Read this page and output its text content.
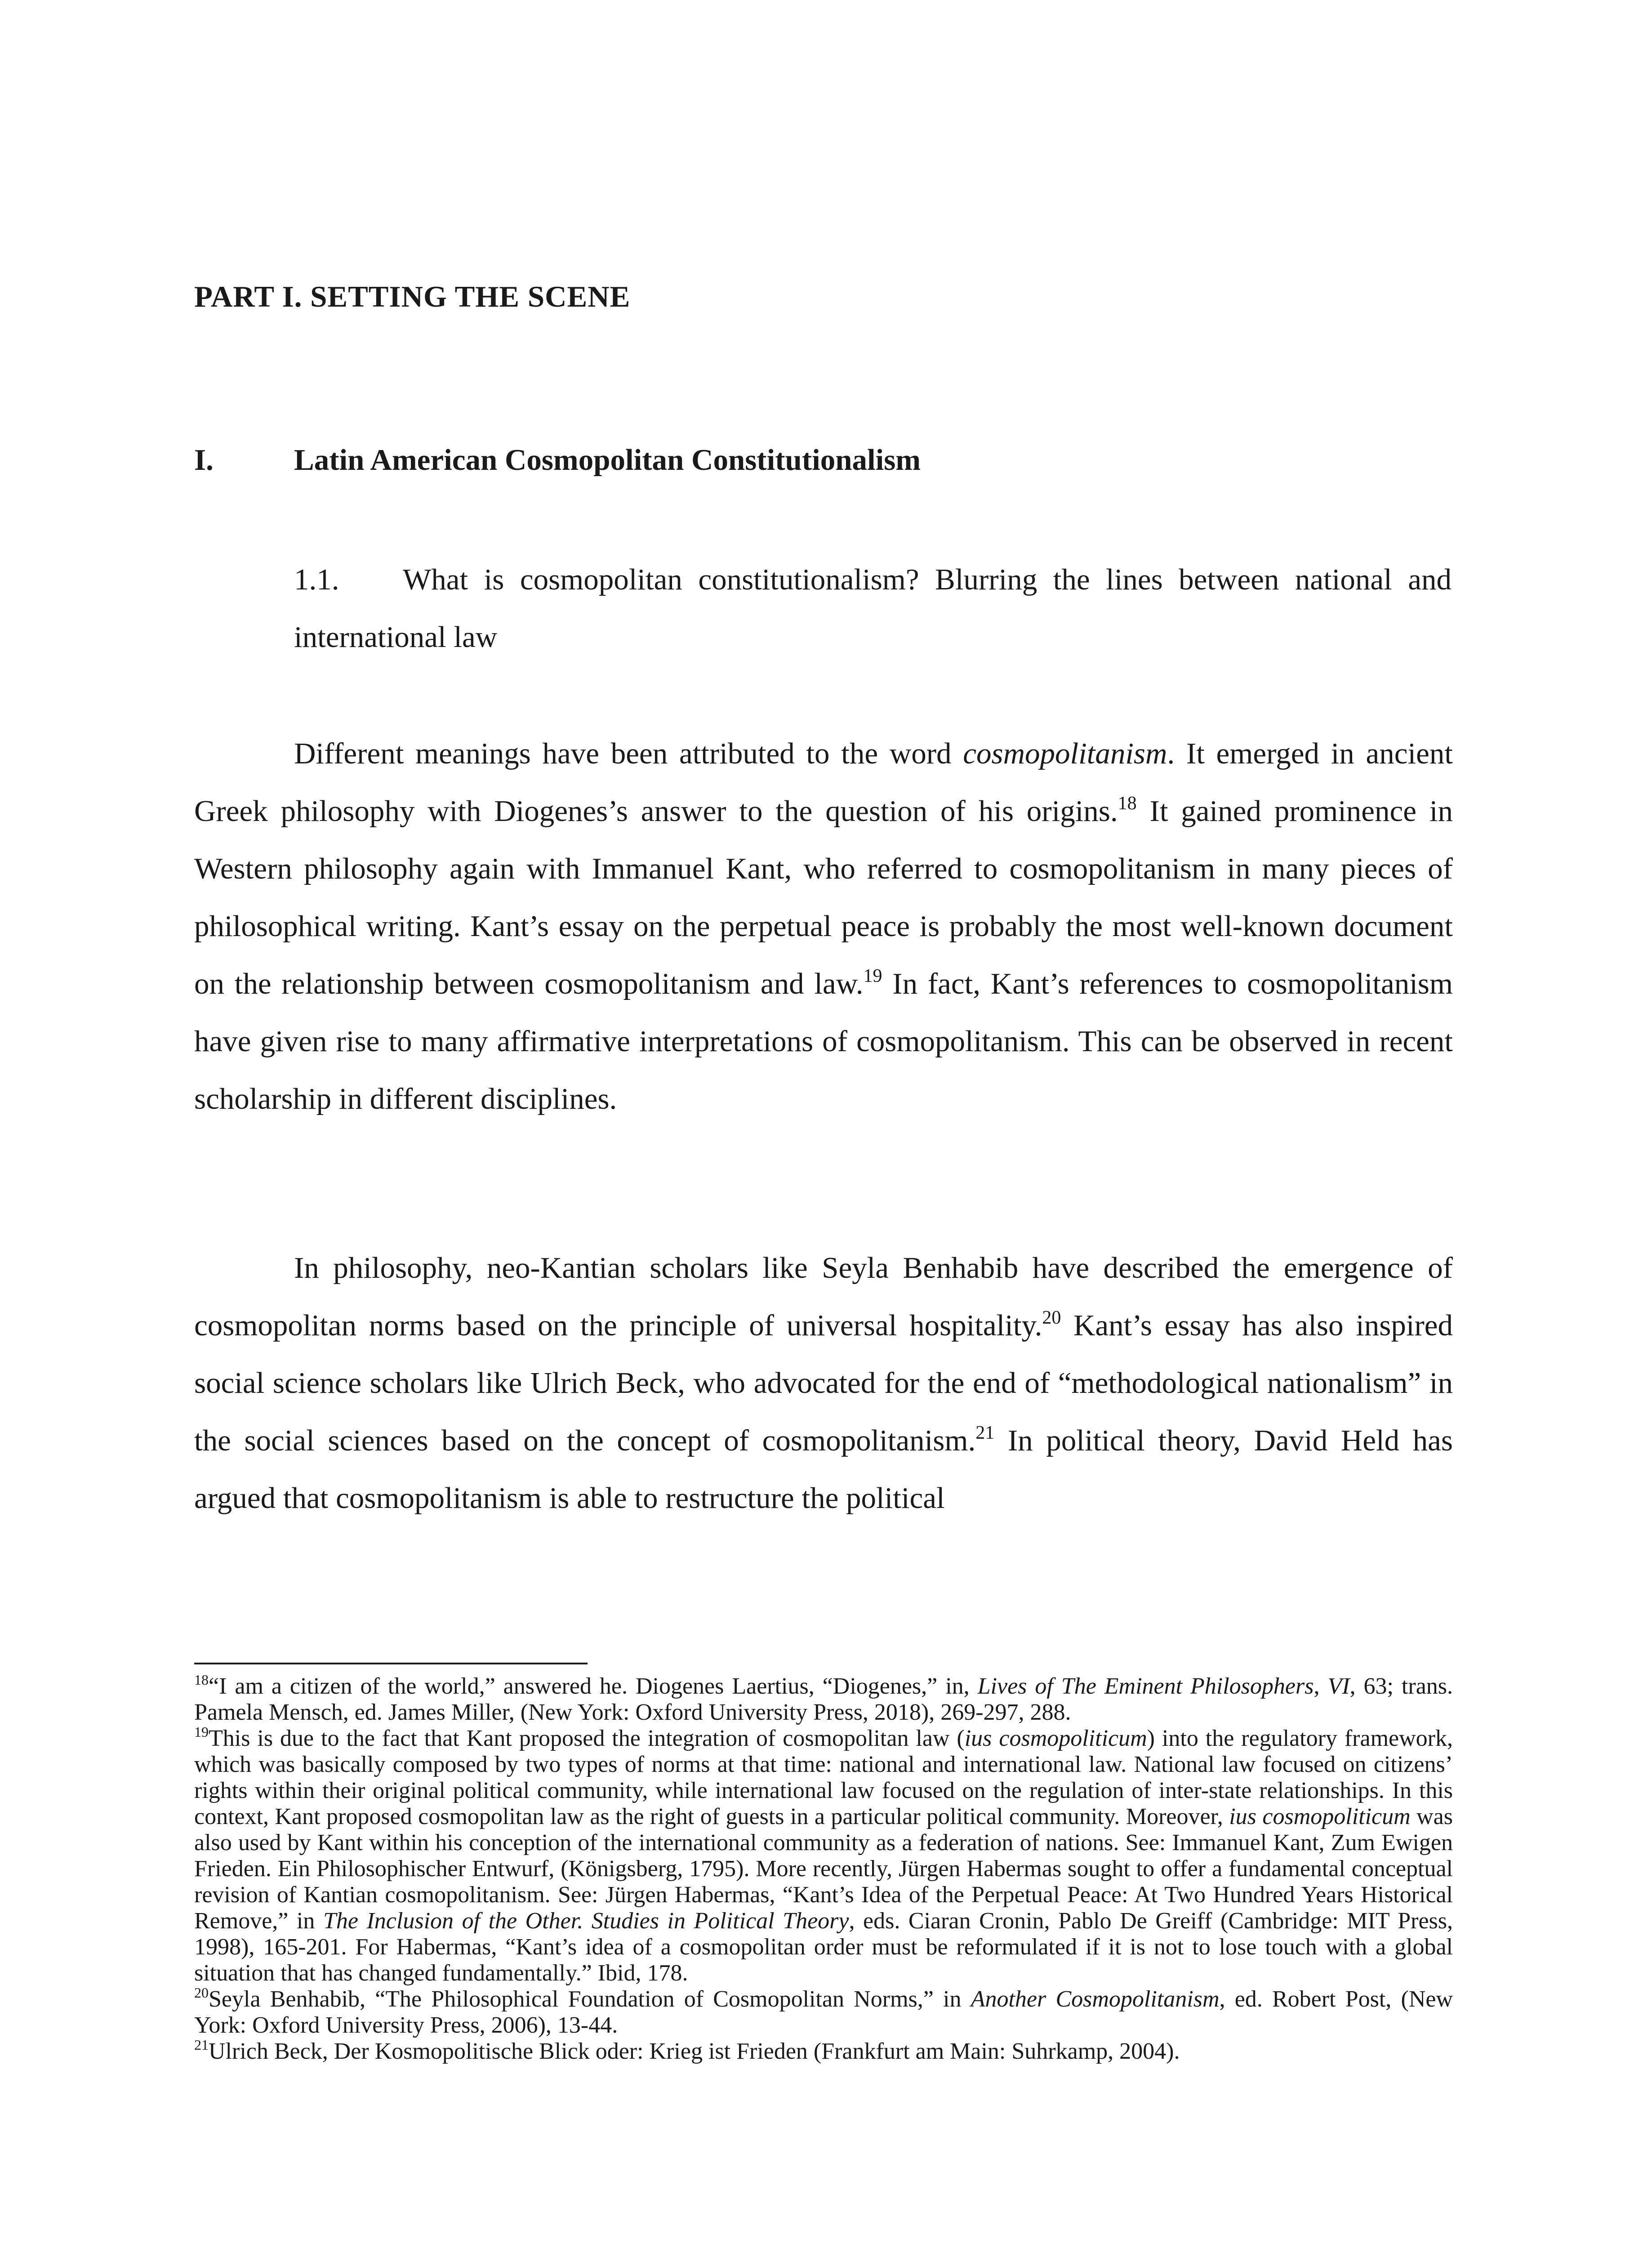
PART I. SETTING THE SCENE
I.	Latin American Cosmopolitan Constitutionalism
1.1. What is cosmopolitan constitutionalism? Blurring the lines between national and international law

Different meanings have been attributed to the word cosmopolitanism. It emerged in ancient Greek philosophy with Diogenes’s answer to the question of his origins.$^{18}$ It gained prominence in Western philosophy again with Immanuel Kant, who referred to cosmopolitanism in many pieces of philosophical writing. Kant’s essay on the perpetual peace is probably the most well-known document on the relationship between cosmopolitanism and law.$^{19}$ In fact, Kant’s references to cosmopolitanism have given rise to many affirmative interpretations of cosmopolitanism. This can be observed in recent scholarship in different disciplines.

In philosophy, neo-Kantian scholars like Seyla Benhabib have described the emergence of cosmopolitan norms based on the principle of universal hospitality.$^{20}$ Kant’s essay has also inspired social science scholars like Ulrich Beck, who advocated for the end of “methodological nationalism” in the social sciences based on the concept of cosmopolitanism.$^{21}$ In political theory, David Held has argued that cosmopolitanism is able to restructure the political

$^{18}$“I am a citizen of the world,” answered he. Diogenes Laertius, “Diogenes,” in, Lives of The Eminent Philosophers, VI, 63; trans. Pamela Mensch, ed. James Miller, (New York: Oxford University Press, 2018), 269-297, 288.

$^{19}$This is due to the fact that Kant proposed the integration of cosmopolitan law (ius cosmopoliticum) into the regulatory framework, which was basically composed by two types of norms at that time: national and international law. National law focused on citizens’ rights within their original political community, while international law focused on the regulation of inter-state relationships. In this context, Kant proposed cosmopolitan law as the right of guests in a particular political community. Moreover, ius cosmopoliticum was also used by Kant within his conception of the international community as a federation of nations. See: Immanuel Kant, Zum Ewigen Frieden. Ein Philosophischer Entwurf, (Königsberg, 1795). More recently, Jürgen Habermas sought to offer a fundamental conceptual revision of Kantian cosmopolitanism. See: Jürgen Habermas, “Kant’s Idea of the Perpetual Peace: At Two Hundred Years Historical Remove,” in The Inclusion of the Other. Studies in Political Theory, eds. Ciaran Cronin, Pablo De Greiff (Cambridge: MIT Press, 1998), 165-201. For Habermas, “Kant’s idea of a cosmopolitan order must be reformulated if it is not to lose touch with a global situation that has changed fundamentally.” Ibid, 178.

$^{20}$Seyla Benhabib, “The Philosophical Foundation of Cosmopolitan Norms,” in Another Cosmopolitanism, ed. Robert Post, (New York: Oxford University Press, 2006), 13-44.

$^{21}$Ulrich Beck, Der Kosmopolitische Blick oder: Krieg ist Frieden (Frankfurt am Main: Suhrkamp, 2004).
